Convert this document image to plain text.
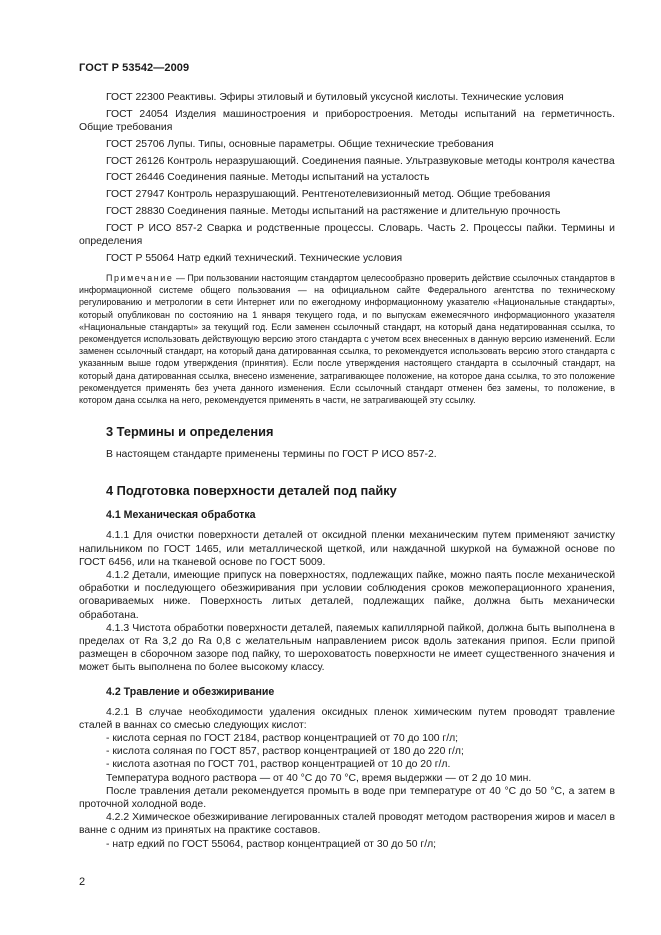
ГОСТ Р 53542—2009

ГОСТ 22300 Реактивы. Эфиры этиловый и бутиловый уксусной кислоты. Технические условия

ГОСТ 24054 Изделия машиностроения и приборостроения. Методы испытаний на герметичность. Общие требования

ГОСТ 25706 Лупы. Типы, основные параметры. Общие технические требования

ГОСТ 26126 Контроль неразрушающий. Соединения паяные. Ультразвуковые методы контроля качества

ГОСТ 26446 Соединения паяные. Методы испытаний на усталость

ГОСТ 27947 Контроль неразрушающий. Рентгенотелевизионный метод. Общие требования

ГОСТ 28830 Соединения паяные. Методы испытаний на растяжение и длительную прочность

ГОСТ Р ИСО 857-2 Сварка и родственные процессы. Словарь. Часть 2. Процессы пайки. Термины и определения

ГОСТ Р 55064 Натр едкий технический. Технические условия

Примечание — При пользовании настоящим стандартом целесообразно проверить действие ссылочных стандартов в информационной системе общего пользования — на официальном сайте Федерального агентства по техническому регулированию и метрологии в сети Интернет или по ежегодному информационному указателю «Национальные стандарты», который опубликован по состоянию на 1 января текущего года, и по выпускам ежемесячного информационного указателя «Национальные стандарты» за текущий год. Если заменен ссылочный стандарт, на который дана недатированная ссылка, то рекомендуется использовать действующую версию этого стандарта с учетом всех внесенных в данную версию изменений. Если заменен ссылочный стандарт, на который дана датированная ссылка, то рекомендуется использовать версию этого стандарта с указанным выше годом утверждения (принятия). Если после утверждения настоящего стандарта в ссылочный стандарт, на который дана датированная ссылка, внесено изменение, затрагивающее положение, на которое дана ссылка, то это положение рекомендуется применять без учета данного изменения. Если ссылочный стандарт отменен без замены, то положение, в котором дана ссылка на него, рекомендуется применять в части, не затрагивающей эту ссылку.

3 Термины и определения

В настоящем стандарте применены термины по ГОСТ Р ИСО 857-2.

4 Подготовка поверхности деталей под пайку
4.1 Механическая обработка

4.1.1 Для очистки поверхности деталей от оксидной пленки механическим путем применяют зачистку напильником по ГОСТ 1465, или металлической щеткой, или наждачной шкуркой на бумажной основе по ГОСТ 6456, или на тканевой основе по ГОСТ 5009.

4.1.2 Детали, имеющие припуск на поверхностях, подлежащих пайке, можно паять после механической обработки и последующего обезжиривания при условии соблюдения сроков межоперационного хранения, оговариваемых ниже. Поверхность литых деталей, подлежащих пайке, должна быть механически обработана.

4.1.3 Чистота обработки поверхности деталей, паяемых капиллярной пайкой, должна быть выполнена в пределах от Ra 3,2 до Ra 0,8 с желательным направлением рисок вдоль затекания припоя. Если припой размещен в сборочном зазоре под пайку, то шероховатость поверхности не имеет существенного значения и может быть выполнена по более высокому классу.

4.2 Травление и обезжиривание

4.2.1 В случае необходимости удаления оксидных пленок химическим путем проводят травление сталей в ваннах со смесью следующих кислот:

- кислота серная по ГОСТ 2184, раствор концентрацией от 70 до 100 г/л;

- кислота соляная по ГОСТ 857, раствор концентрацией от 180 до 220 г/л;

- кислота азотная по ГОСТ 701, раствор концентрацией от 10 до 20 г/л.

Температура водного раствора — от 40 °С до 70 °С, время выдержки — от 2 до 10 мин.

После травления детали рекомендуется промыть в воде при температуре от 40 °С до 50 °С, а затем в проточной холодной воде.

4.2.2 Химическое обезжиривание легированных сталей проводят методом растворения жиров и масел в ванне с одним из принятых на практике составов.

- натр едкий по ГОСТ 55064, раствор концентрацией от 30 до 50 г/л;

2
